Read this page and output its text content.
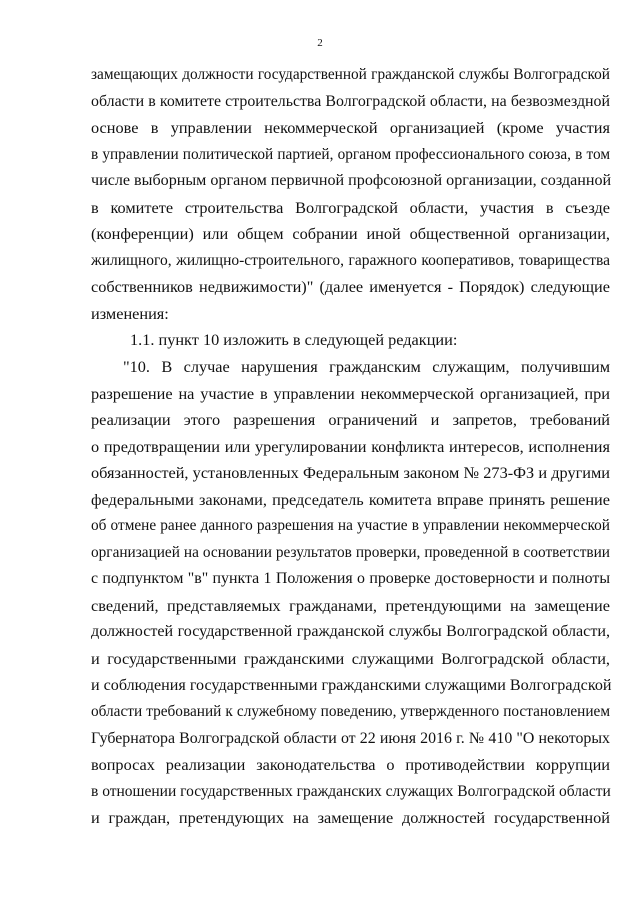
2
замещающих должности государственной гражданской службы Волгоградской
области в комитете строительства Волгоградской области, на безвозмездной
основе в управлении некоммерческой организацией (кроме участия
в управлении политической партией, органом профессионального союза, в том
числе выборным органом первичной профсоюзной организации, созданной
в комитете строительства Волгоградской области, участия в съезде
(конференции) или общем собрании иной общественной организации,
жилищного, жилищно-строительного, гаражного кооперативов, товарищества
собственников недвижимости)" (далее именуется - Порядок) следующие
изменения:
1.1. пункт 10 изложить в следующей редакции:
"10. В случае нарушения гражданским служащим, получившим
разрешение на участие в управлении некоммерческой организацией, при
реализации этого разрешения ограничений и запретов, требований
о предотвращении или урегулировании конфликта интересов, исполнения
обязанностей, установленных Федеральным законом № 273-ФЗ и другими
федеральными законами, председатель комитета вправе принять решение
об отмене ранее данного разрешения на участие в управлении некоммерческой
организацией на основании результатов проверки, проведенной в соответствии
с подпунктом "в" пункта 1 Положения о проверке достоверности и полноты
сведений, представляемых гражданами, претендующими на замещение
должностей государственной гражданской службы Волгоградской области,
и государственными гражданскими служащими Волгоградской области,
и соблюдения государственными гражданскими служащими Волгоградской
области требований к служебному поведению, утвержденного постановлением
Губернатора Волгоградской области от 22 июня 2016 г. № 410 "О некоторых
вопросах реализации законодательства о противодействии коррупции
в отношении государственных гражданских служащих Волгоградской области
и граждан, претендующих на замещение должностей государственной
